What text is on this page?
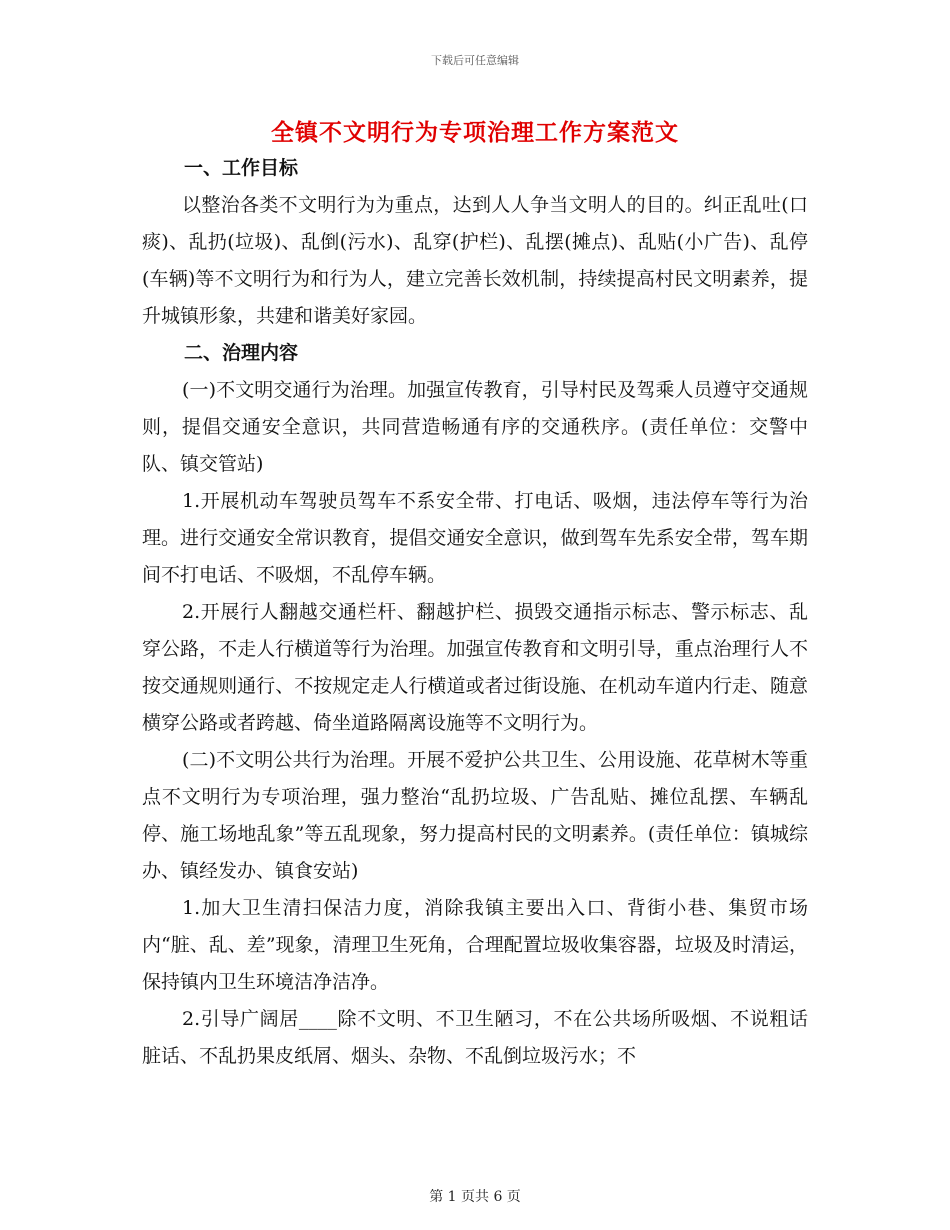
下载后可任意编辑
全镇不文明行为专项治理工作方案范文

一、工作目标

以整治各类不文明行为为重点，达到人人争当文明人的目的。纠正乱吐(口痰)、乱扔(垃圾)、乱倒(污水)、乱穿(护栏)、乱摆(摊点)、乱贴(小广告)、乱停(车辆)等不文明行为和行为人，建立完善长效机制，持续提高村民文明素养，提升城镇形象，共建和谐美好家园。

二、治理内容

(一)不文明交通行为治理。加强宣传教育，引导村民及驾乘人员遵守交通规则，提倡交通安全意识，共同营造畅通有序的交通秩序。(责任单位：交警中队、镇交管站)

1.开展机动车驾驶员驾车不系安全带、打电话、吸烟，违法停车等行为治理。进行交通安全常识教育，提倡交通安全意识，做到驾车先系安全带，驾车期间不打电话、不吸烟，不乱停车辆。

2.开展行人翻越交通栏杆、翻越护栏、损毁交通指示标志、警示标志、乱穿公路，不走人行横道等行为治理。加强宣传教育和文明引导，重点治理行人不按交通规则通行、不按规定走人行横道或者过街设施、在机动车道内行走、随意横穿公路或者跨越、倚坐道路隔离设施等不文明行为。

(二)不文明公共行为治理。开展不爱护公共卫生、公用设施、花草树木等重点不文明行为专项治理，强力整治“乱扔垃圾、广告乱贴、摊位乱摆、车辆乱停、施工场地乱象”等五乱现象，努力提高村民的文明素养。(责任单位：镇城综办、镇经发办、镇食安站)

1.加大卫生清扫保洁力度，消除我镇主要出入口、背街小巷、集贸市场内“脏、乱、差”现象，清理卫生死角，合理配置垃圾收集容器，垃圾及时清运，保持镇内卫生环境洁净洁净。

2.引导广阔居____除不文明、不卫生陋习，不在公共场所吸烟、不说粗话脏话、不乱扔果皮纸屑、烟头、杂物、不乱倒垃圾污水；不

第 1 页共 6 页
